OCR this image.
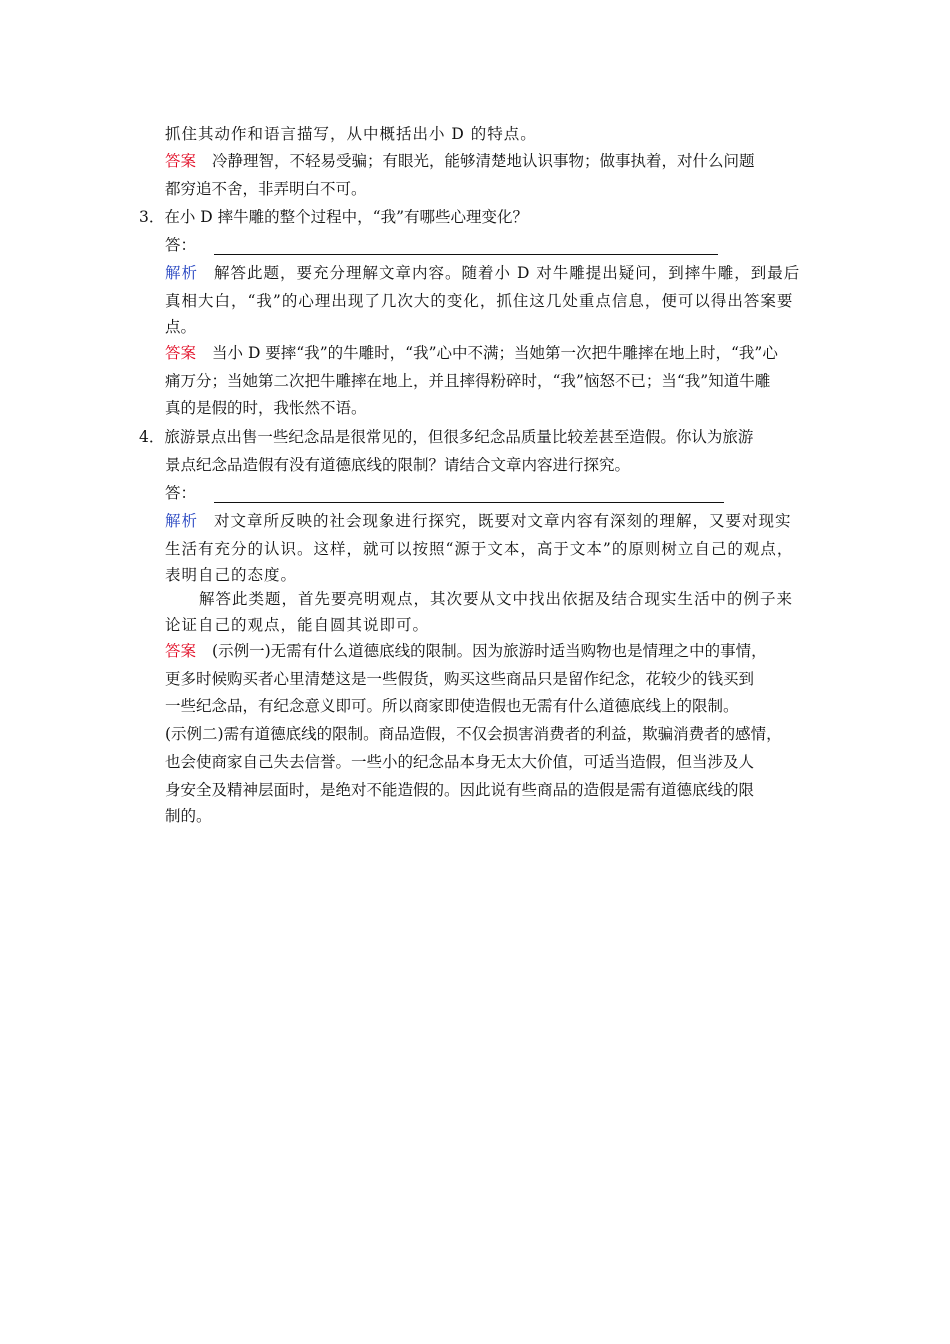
抓住其动作和语言描写，从中概括出小 D 的特点。
答案 冷静理智，不轻易受骗；有眼光，能够清楚地认识事物；做事执着，对什么问题
都穷追不舍，非弄明白不可。
3．在小 D 摔牛雕的整个过程中，“我”有哪些心理变化？
答：
解析 解答此题，要充分理解文章内容。随着小 D 对牛雕提出疑问，到摔牛雕，到最后
真相大白，“我”的心理出现了几次大的变化，抓住这几处重点信息，便可以得出答案要
点。
答案 当小 D 要摔“我”的牛雕时，“我”心中不满；当她第一次把牛雕摔在地上时，“我”心
痛万分；当她第二次把牛雕摔在地上，并且摔得粉碎时，“我”恼怒不已；当“我”知道牛雕
真的是假的时，我怅然不语。
4．旅游景点出售一些纪念品是很常见的，但很多纪念品质量比较差甚至造假。你认为旅游
景点纪念品造假有没有道德底线的限制？请结合文章内容进行探究。
答：
解析 对文章所反映的社会现象进行探究，既要对文章内容有深刻的理解，又要对现实
生活有充分的认识。这样，就可以按照“源于文本，高于文本”的原则树立自己的观点，
表明自己的态度。
解答此类题，首先要亮明观点，其次要从文中找出依据及结合现实生活中的例子来
论证自己的观点，能自圆其说即可。
答案 (示例一)无需有什么道德底线的限制。因为旅游时适当购物也是情理之中的事情，
更多时候购买者心里清楚这是一些假货，购买这些商品只是留作纪念，花较少的钱买到
一些纪念品，有纪念意义即可。所以商家即使造假也无需有什么道德底线上的限制。
(示例二)需有道德底线的限制。商品造假，不仅会损害消费者的利益，欺骗消费者的感情，
也会使商家自己失去信誉。一些小的纪念品本身无太大价值，可适当造假，但当涉及人
身安全及精神层面时，是绝对不能造假的。因此说有些商品的造假是需有道德底线的限
制的。
